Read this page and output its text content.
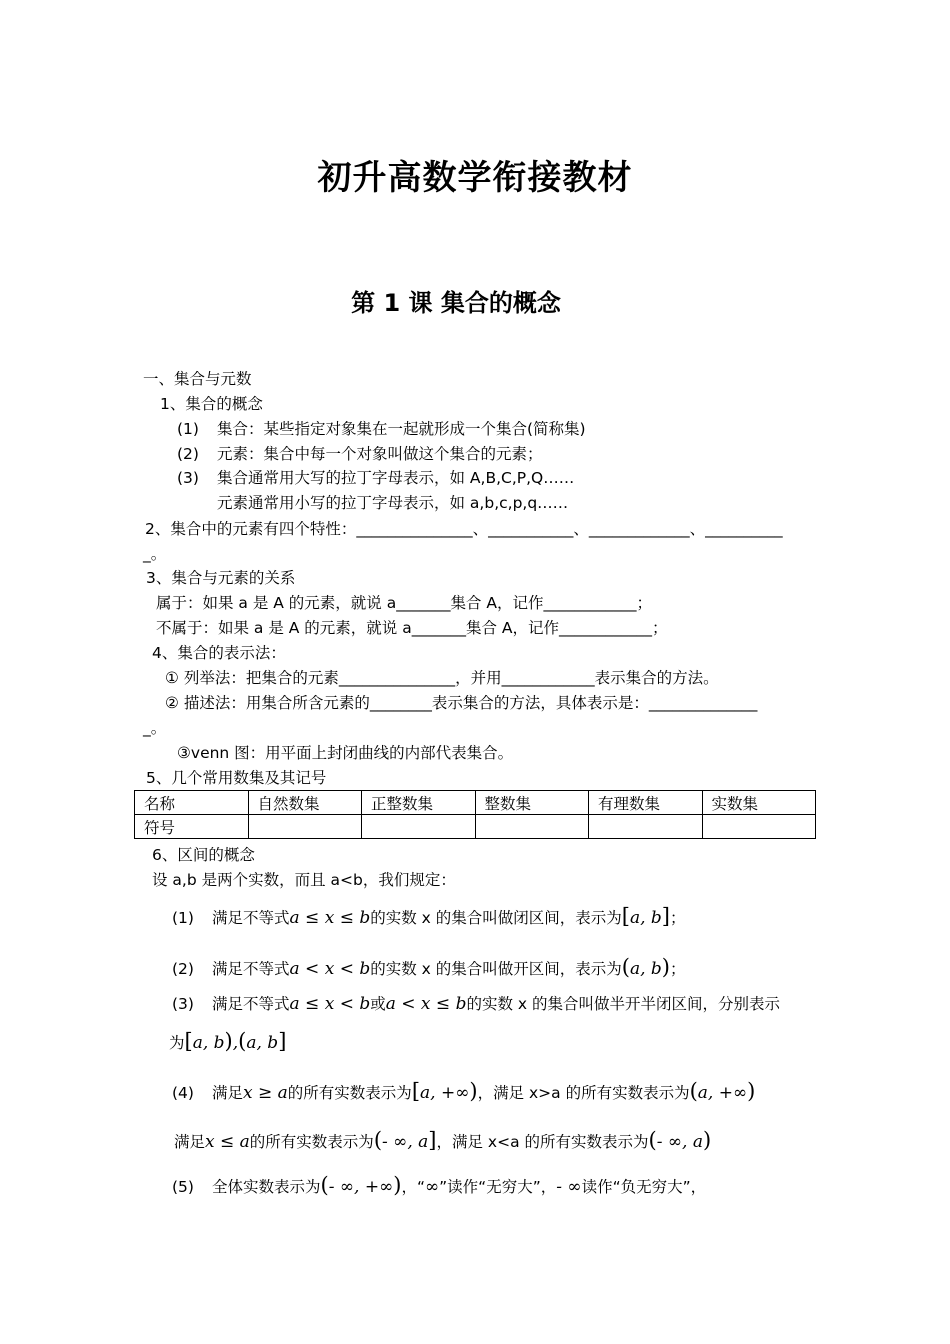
初升高数学衔接教材
第 1 课 集合的概念
一、集合与元数
1、集合的概念
(1) 集合：某些指定对象集在一起就形成一个集合(简称集)
(2) 元素：集合中每一个对象叫做这个集合的元素；
(3) 集合通常用大写的拉丁字母表示，如 A,B,C,P,Q……
元素通常用小写的拉丁字母表示，如 a,b,c,p,q……
2、集合中的元素有四个特性：_______________、___________、_____________、__________
_。
3、集合与元素的关系
属于：如果 a 是 A 的元素，就说 a_______集合 A，记作____________；
不属于：如果 a 是 A 的元素，就说 a_______集合 A，记作____________；
4、集合的表示法：
① 列举法：把集合的元素_______________，并用____________表示集合的方法。
② 描述法：用集合所含元素的________表示集合的方法，具体表示是：______________
_。
③venn 图：用平面上封闭曲线的内部代表集合。
5、几个常用数集及其记号
名称	自然数集	正整数集	整数集	有理数集	实数集
符号					
6、区间的概念
设 a,b 是两个实数，而且 a<b，我们规定：
(1) 满足不等式a ≤ x ≤ b的实数 x 的集合叫做闭区间，表示为[a, b]；
(2) 满足不等式a < x < b的实数 x 的集合叫做开区间，表示为(a, b)；
(3) 满足不等式a ≤ x < b或a < x ≤ b的实数 x 的集合叫做半开半闭区间，分别表示
为[a, b),(a, b]
(4) 满足x ≥ a的所有实数表示为[a, +∞)，满足 x>a 的所有实数表示为(a, +∞)
满足x ≤ a的所有实数表示为(- ∞, a]，满足 x<a 的所有实数表示为(- ∞, a)
(5) 全体实数表示为(- ∞, +∞)，“∞”读作“无穷大”，- ∞读作“负无穷大”，
